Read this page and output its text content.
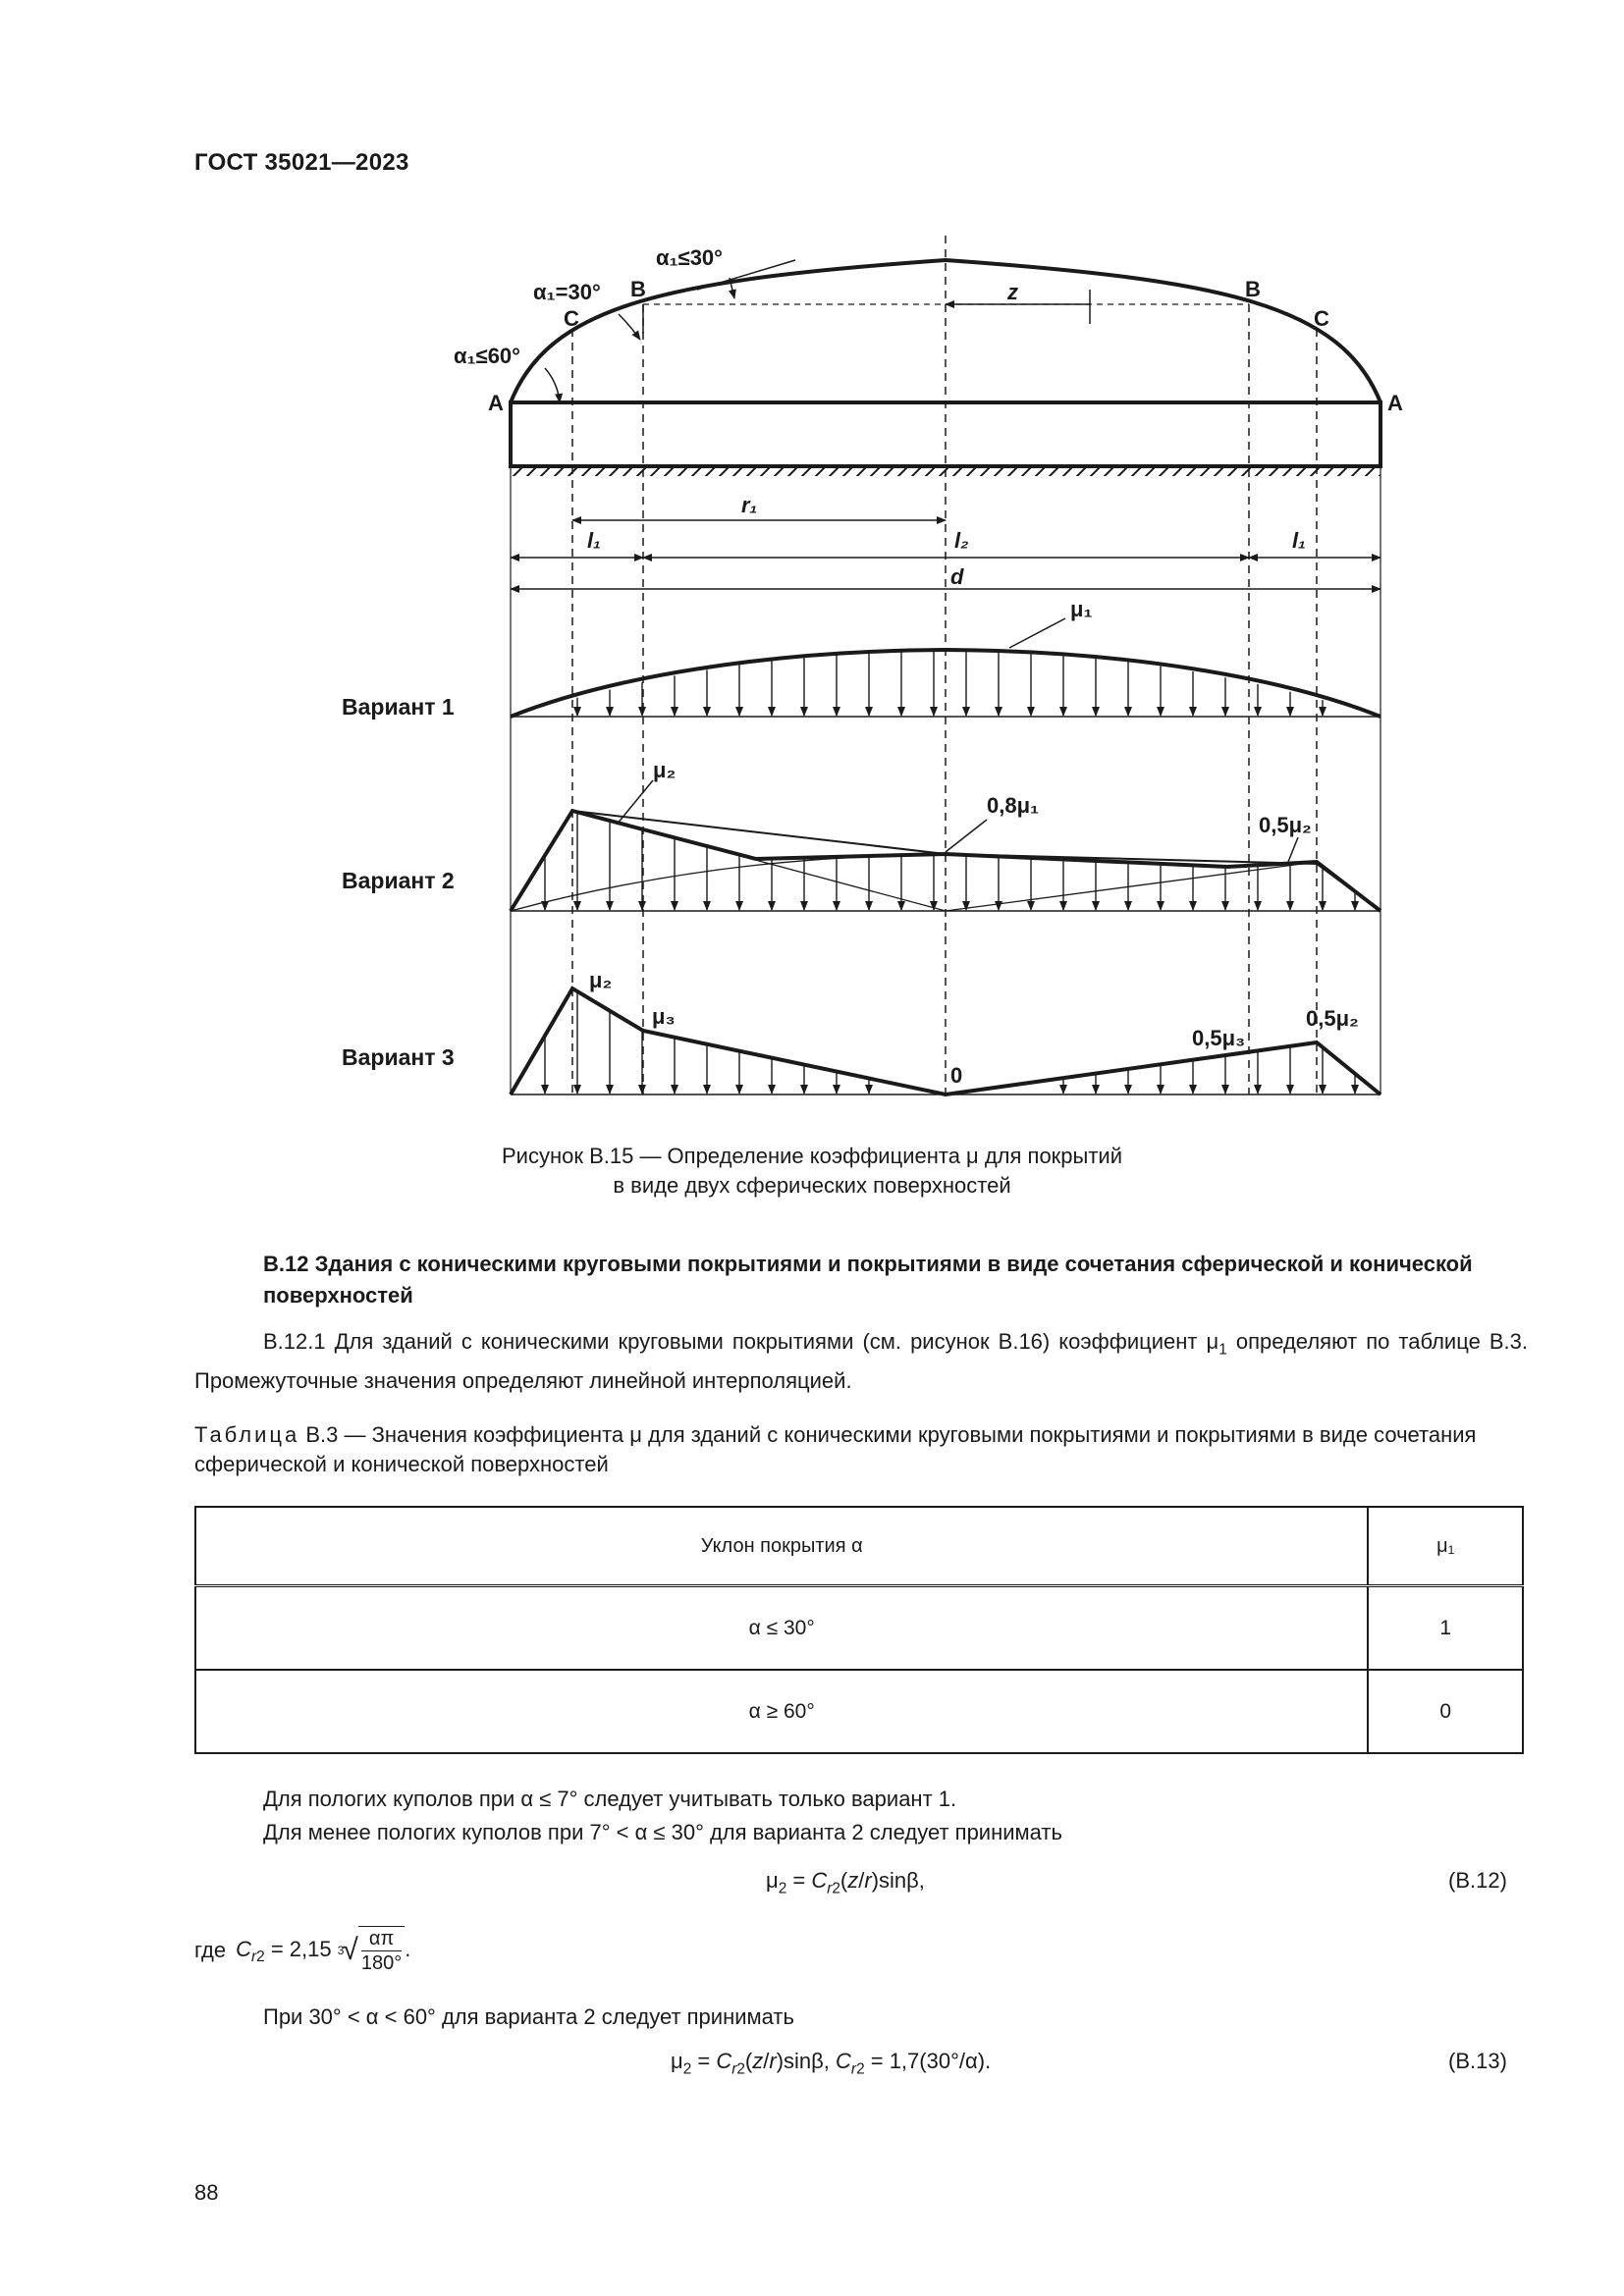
ГОСТ 35021—2023
α₁≤30°
α₁=30° B
C
α₁≤60°
A	A
B
C
z
r₁
l₁	l₂	l₁
d
μ₁
Вариант 1
μ₂
0,8μ₁
0,5μ₂
Вариант 2
μ₂
μ₃
0
0,5μ₃
0,5μ₂
Вариант 3
Рисунок В.15 — Определение коэффициента μ для покрытий
в виде двух сферических поверхностей
В.12 Здания с коническими круговыми покрытиями и покрытиями в виде сочетания сферической и конической поверхностей
В.12.1 Для зданий с коническими круговыми покрытиями (см. рисунок В.16) коэффициент $\mu_1$ определяют по таблице В.3. Промежуточные значения определяют линейной интерполяцией.
Таблица В.3 — Значения коэффициента μ для зданий с коническими круговыми покрытиями и покрытиями в виде сочетания сферической и конической поверхностей
Уклон покрытия α	μ₁
α ≤ 30°	1
α ≥ 60°	0
Для пологих куполов при α ≤ 7° следует учитывать только вариант 1.
Для менее пологих куполов при 7° < α ≤ 30° для варианта 2 следует принимать
$\mu_2 = C_{r2}(z/r)\sin\beta$,	(В.12)
где $C_{r2} = 2,15$ 3
√ απ
180°
.
При 30° < α < 60° для варианта 2 следует принимать
$\mu_2 = C_{r2}(z/r)\sin\beta$, $C_{r2} = 1,7(30^\circ/\alpha)$.	(В.13)
88
